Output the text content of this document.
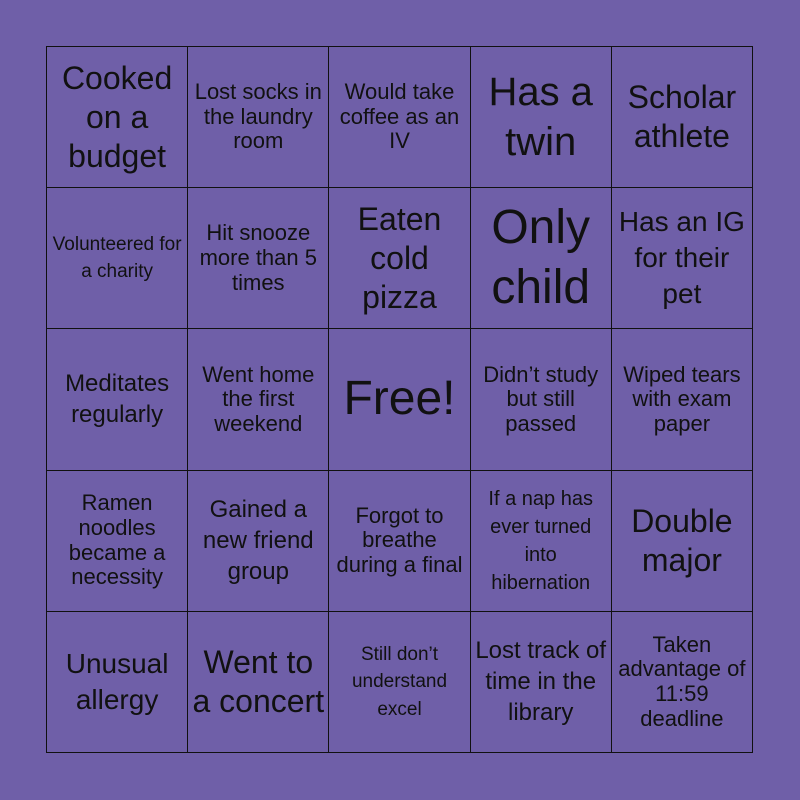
Cooked on a budget
Lost socks in the laundry room
Would take coffee as an IV
Has a twin
Scholar athlete
Volunteered for a charity
Hit snooze more than 5 times
Eaten cold pizza
Only child
Has an IG for their pet
Meditates regularly
Went home the first weekend Free!	Didn’t study but still passed
Wiped tears with exam paper
Ramen noodles became a necessity
Gained a new friend group
Forgot to breathe during a final
If a nap has ever turned into hibernation
Double major
Unusual allergy
Went to a concert
Still don’t understand excel
Lost track of time in the library
Taken advantage of 11:59 deadline
